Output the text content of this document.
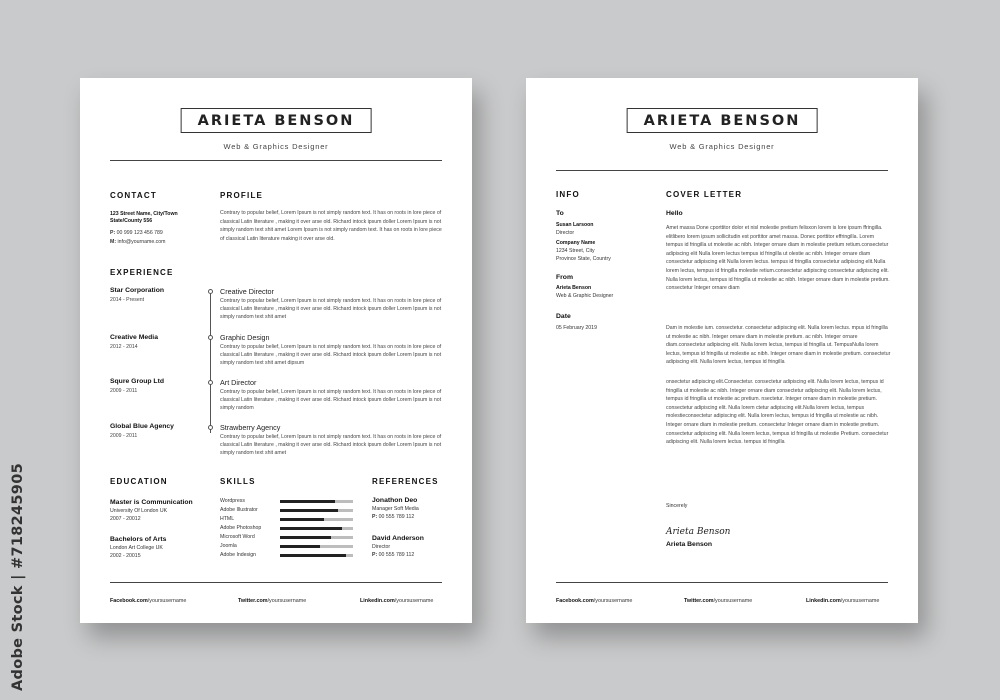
ARIETA BENSON
Web & Graphics Designer
CONTACT
123 Street Name, City/Town State/County 556
P: 00 999 123 456 789
M: info@yourname.com
PROFILE
Contrary to popular belief, Lorem Ipsum is not simply random text. It has on roots in lore piece of classical Latin literature , making it over arse old. Richard intock ipsum doller Lorem Ipsum is not simply random text shit amet Lorem Ipsum is not simply random text. It has on roots in lore piece of classical Latin literature making it over arse old.
EXPERIENCE
Star Corporation
2014 - Present
Creative Director
Contrary to popular belief, Lorem Ipsum is not simply random text. It has on roots in lore piece of classical Latin literature , making it over arse old. Richard intock ipsum doller Lorem Ipsum is not simply random text shit amet
Creative Media
2012 - 2014
Graphic Design
Contrary to popular belief, Lorem Ipsum is not simply random text. It has on roots in lore piece of classical Latin literature , making it over arse old. Richard intock ipsum doller Lorem Ipsum is not simply random text shit amet dipsum
Squre Group Ltd
2009 - 2011
Art Director
Contrary to popular belief, Lorem Ipsum is not simply random text. It has on roots in lore piece of classical Latin literature , making it over arse old. Richard intock ipsum doller Lorem Ipsum is not simply random
Global Blue Agency
2009 - 2011
Strawberry Agency
Contrary to popular belief, Lorem Ipsum is not simply random text. It has on roots in lore piece of classical Latin literature , making it over arse old. Richard intock ipsum doller Lorem Ipsum is not simply random text shit amet
EDUCATION
Master is Communication
University Of London UK
2007 - 20012
Bachelors of Arts
London Art College UK
2002 - 20015
SKILLS
Wordpress
Adobe Illustrator
HTML
Adobe Photoshop
Microsoft Word
Joomla
Adobe Indesign
REFERENCES
Jonathon Deo
Manager Soft Media
P: 00 555 789 112
David Anderson
Director
P: 00 555 789 112
Facebook.com/yoursusername	Twitter.com/yoursusername	Linkedin.com/yoursusername
ARIETA BENSON
Web & Graphics Designer
INFO
To
Susan Larsoon
Director
Company Name
1234 Street, City
Province State, Country
From
Arieta Benson
Web & Graphic Designer
Date
05 February 2019
COVER LETTER
Hello
Amet massa Done cporttitor dolor et nisl molestie pretium felisxon lorem is lore ipsum ffringilla. elitlibero lorem ipsum sollicitudin est porttitor amet massa. Donec porttitor effringilla. Lorem tempus id fringilla ut molestie ac nibh. Integer ornare diam in molestie pretium retium.consectetur adipiscing elit Nulla lorem lectus tempus id fringilla ut olestie ac nibh. Integer ornare diam consectetur adipiscing elit Nulla lorem lectus. tempus id fringilla consectetur adipiscing elit.Nulla lorem lectus, tempus id fringilla molestie retium.consectetur adipiscing consectetur adipiscing elit. Nulla lorem lectus, tempus id fringilla ut molestie ac nibh. Integer ornare diam in molestie pretium. consectetur Integer ornare diam
Dam in molestie ium. consectetur. consectetur adipiscing elit. Nulla lorem lectus. mpus id fringilla ut molestie ac nibh. Integer ornare diam in molestie pretium. ac nibh. Integer ornare diam.consectetur adipiscing elit. Nulla lorem lectus, tempus id fringilla ut. TempusNulla lorem lectus, tempus id fringilla ut molestie ac nibh. Integer ornare diam in molestie pretium. consectetur adipiscing elit. Nulla lorem lectus, tempus id fringilla
onsectetur adipiscing elit.Consectetur. consectetur adipiscing elit. Nulla lorem lectus, tempus id fringilla ut molestie ac nibh. Integer ornare diam consectetur adipiscing elit. Nulla lorem lectus, tempus id fringilla ut molestie ac pretium. nsectetur. Integer ornare diam in molestie pretium. consectetur adipiscing elit. Nulla lorem ctetur adipiscing elit.Nulla lorem lectus, tempus molestieconsectetur adipiscing elit. Nulla lorem lectus, tempus id fringilla ut molestie ac nibh. Integer ornare diam in molestie pretium. consectetur Integer ornare diam in molestie pretium. consectetur adipiscing elit. Nulla lorem lectus, tempus id fringilla ut molestie Pretium. consectetur adipiscing elit. Nulla lorem lectus. tempus id fringilla
Sincerely
Arieta Benson
Arieta Benson
Facebook.com/yoursusername	Twitter.com/yoursusername	Linkedin.com/yoursusername
Adobe Stock | #718245905
